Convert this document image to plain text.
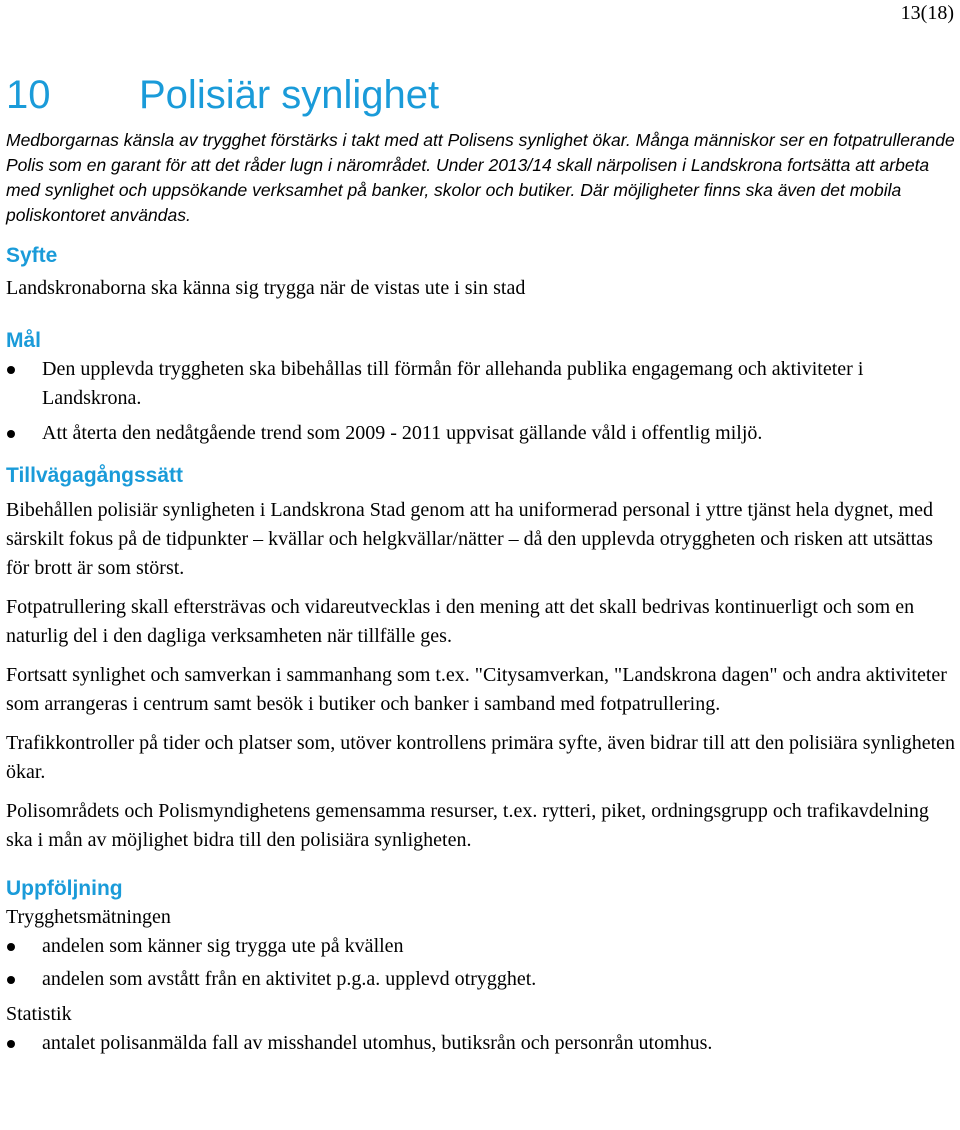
13(18)
10 Polisiär synlighet

Medborgarnas känsla av trygghet förstärks i takt med att Polisens synlighet ökar. Många människor ser en fotpatrullerande Polis som en garant för att det råder lugn i närområdet. Under 2013/14 skall närpolisen i Landskrona fortsätta att arbeta med synlighet och uppsökande verksamhet på banker, skolor och butiker. Där möjligheter finns ska även det mobila poliskontoret användas.

Syfte

Landskronaborna ska känna sig trygga när de vistas ute i sin stad

Mål
Den upplevda tryggheten ska bibehållas till förmån för allehanda publika engagemang och aktiviteter i Landskrona.
Att återta den nedåtgående trend som 2009 - 2011 uppvisat gällande våld i offentlig miljö.
Tillvägagångssätt

Bibehållen polisiär synligheten i Landskrona Stad genom att ha uniformerad personal i yttre tjänst hela dygnet, med särskilt fokus på de tidpunkter – kvällar och helgkvällar/nätter – då den upplevda otryggheten och risken att utsättas för brott är som störst.

Fotpatrullering skall eftersträvas och vidareutvecklas i den mening att det skall bedrivas kontinuerligt och som en naturlig del i den dagliga verksamheten när tillfälle ges.

Fortsatt synlighet och samverkan i sammanhang som t.ex. "Citysamverkan, "Landskrona dagen" och andra aktiviteter som arrangeras i centrum samt besök i butiker och banker i samband med fotpatrullering.

Trafikkontroller på tider och platser som, utöver kontrollens primära syfte, även bidrar till att den polisiära synligheten ökar.

Polisområdets och Polismyndighetens gemensamma resurser, t.ex. rytteri, piket, ordningsgrupp och trafikavdelning ska i mån av möjlighet bidra till den polisiära synligheten.

Uppföljning

Trygghetsmätningen

andelen som känner sig trygga ute på kvällen
andelen som avstått från en aktivitet p.g.a. upplevd otrygghet.

Statistik

antalet polisanmälda fall av misshandel utomhus, butiksrån och personrån utomhus.
